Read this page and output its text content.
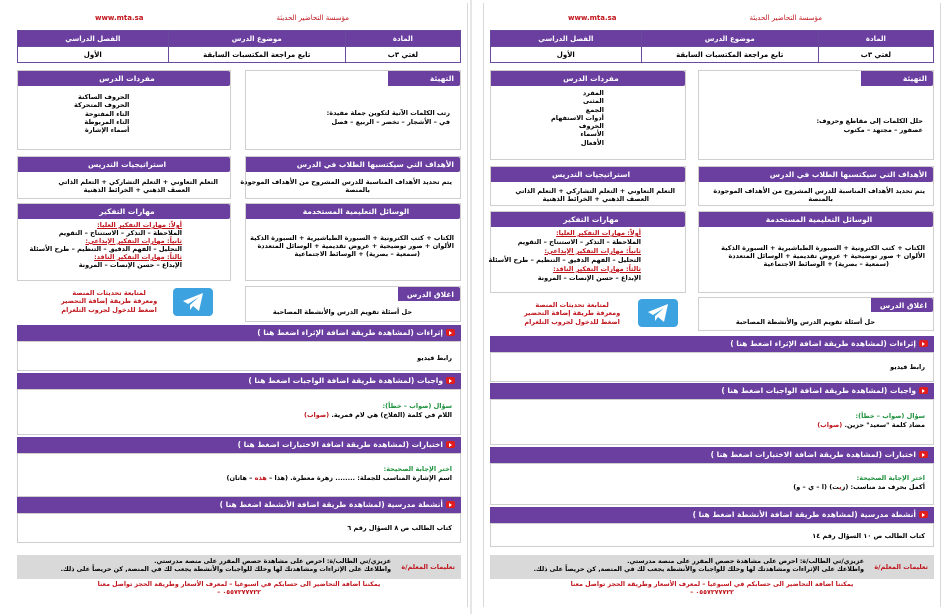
مؤسسة التحاضير الحديثة
www.mta.sa
المادة	موضوع الدرس	الفصل الدراسي
لغتي ٣ب	تابع مراجعة المكتسبات السابقة	الأول
التهيئة
رتب الكلمات الآتية لتكوين جملة مفيدة:
في – الأشجار – تخضر – الربيع – فصل
مفردات الدرس
الحروف الساكنة
الحروف المتحركة
التاء المفتوحة
التاء المربوطة
أسماء الإشارة
الأهداف التي سيكتسبها الطلاب في الدرس
يتم تحديد الأهداف المناسبة للدرس المشروح من الأهداف الموجودة
بالمنصة
استراتيجيات التدريس
التعلم التعاوني + التعلم التشاركي + التعلم الذاتي
العصف الذهني + الخرائط الذهنية
الوسائل التعليمية المستخدمة
الكتاب + كتب الكترونية + السبورة الطباشيرية + السبورة الذكية
الألوان + صور توضيحية + عروض تقديمية + الوسائل المتعددة
(سمعية – بصرية) + الوسائط الاجتماعية
مهارات التفكير
أولاً: مهارات التفكير العليا:
الملاحظة – التذكر – الاستنتاج – التقويم
ثانياً: مهارات التفكير الإبداعي:
التحليل – الفهم الدقيق – التنظيم – طرح الأسئلة
ثالثاً: مهارات التفكير الناقد:
الإبداع – حسن الإنصات – المرونة
اغلاق الدرس
حل أسئلة تقويم الدرس والأنشطة المصاحبة
لمتابعة تحديثات المنصة
ومعرفة طريقة إضافة التحضير
اضغط للدخول لجروب التلغرام
إثراءات (لمشاهدة طريقة اضافة الإثراء اضغط هنا )
رابط فيديو
واجبات (لمشاهدة طريقة اضافة الواجبات اضغط هنا )
سؤال (صواب – خطأ):
اللام في كلمة (الفلاح) هي لام قمرية. (صواب)
اختبارات (لمشاهدة طريقة اضافة الاختبارات اضغط هنا )
اختر الإجابة الصحيحة:
اسم الإشارة المناسب للجملة: ........ زهرة معطرة. (هذا – هذه – هاتان)
أنشطة مدرسية (لمشاهدة طريقة اضافة الأنشطة اضغط هنا )
كتاب الطالب ص ٨ السؤال رقم ٦
تعليمات المعلم/ة
عزيزي/تي الطالب/ة: احرص على مشاهدة حصص المقرر على منصة مدرستي.
واطلاعك على الإثراءات ومشاهدتك لها وحلك للواجبات والأنشطة يجعب لك في المنصة, كن حريصاً على ذلك.
يمكننا اضافة التحاضير الى حسابكم في اسبوعيا – لمعرف الأسعار وطريقة الحجز تواصل معنا
٠٥٥٧٢٧٧٧٢٢ –
مؤسسة التحاضير الحديثة
www.mta.sa
المادة	موضوع الدرس	الفصل الدراسي
لغتي ٣ب	تابع مراجعة المكتسبات السابقة	الأول
التهيئة
حلل الكلمات إلى مقاطع وحروف:
عصفور – مجتهد – مكتوب
مفردات الدرس
المفرد
المثنى
الجمع
أدوات الاستفهام
الحروف
الأسماء
الأفعال
الأهداف التي سيكتسبها الطلاب في الدرس
يتم تحديد الأهداف المناسبة للدرس المشروح من الأهداف الموجودة
بالمنصة
استراتيجيات التدريس
التعلم التعاوني + التعلم التشاركي + التعلم الذاتي
العصف الذهني + الخرائط الذهنية
الوسائل التعليمية المستخدمة
الكتاب + كتب الكترونية + السبورة الطباشيرية + السبورة الذكية
الألوان + صور توضيحية + عروض تقديمية + الوسائل المتعددة
(سمعية – بصرية) + الوسائط الاجتماعية
مهارات التفكير
أولاً: مهارات التفكير العليا:
الملاحظة – التذكر – الاستنتاج – التقويم
ثانياً: مهارات التفكير الإبداعي:
التحليل – الفهم الدقيق – التنظيم – طرح الأسئلة
ثالثاً: مهارات التفكير الناقد:
الإبداع – حسن الإنصات – المرونة
اغلاق الدرس
حل أسئلة تقويم الدرس والأنشطة المصاحبة
لمتابعة تحديثات المنصة
ومعرفة طريقة إضافة التحضير
اضغط للدخول لجروب التلغرام
إثراءات (لمشاهدة طريقة اضافة الإثراء اضغط هنا )
رابط فيديو
واجبات (لمشاهدة طريقة اضافة الواجبات اضغط هنا )
سؤال (صواب – خطأ):
مضاد كلمة "سعيد" حزين. (صواب)
اختبارات (لمشاهدة طريقة اضافة الاختبارات اضغط هنا )
اختر الإجابة الصحيحة:
أكمل بحرف مد مناسب: (زيت) (ا – ي – و)
أنشطة مدرسية (لمشاهدة طريقة اضافة الأنشطة اضغط هنا )
كتاب الطالب ص ١٠ السؤال رقم ١٤
تعليمات المعلم/ة
عزيزي/تي الطالب/ة: احرص على مشاهدة حصص المقرر على منصة مدرستي.
واطلاعك على الإثراءات ومشاهدتك لها وحلك للواجبات والأنشطة يجعب لك في المنصة, كن حريصاً على ذلك.
يمكننا اضافة التحاضير الى حسابكم في اسبوعيا – لمعرف الأسعار وطريقة الحجز تواصل معنا
٠٥٥٧٢٧٧٧٢٢ –
